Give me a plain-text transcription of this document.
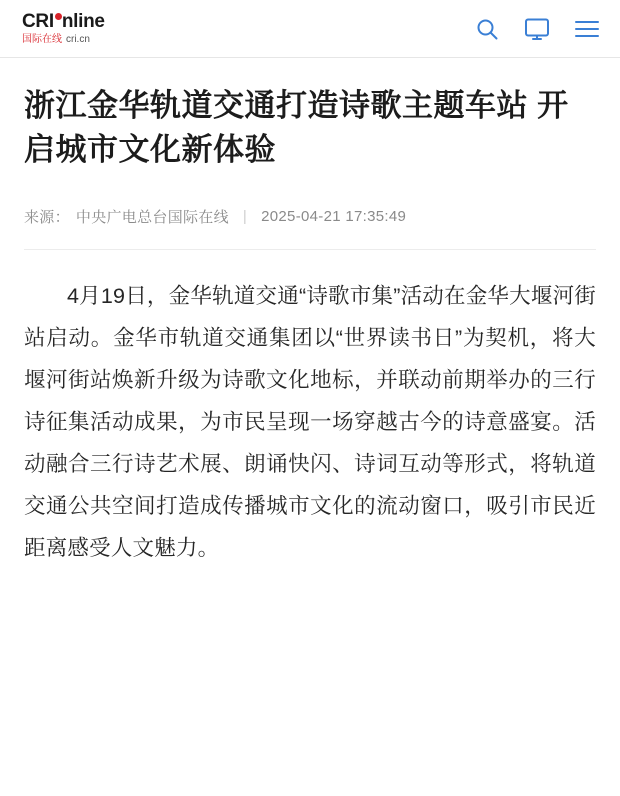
CRI nline
国际在线 cri.cn
浙江金华轨道交通打造诗歌主题车站 开启城市文化新体验
来源： 中央广电总台国际在线 | 2025-04-21 17:35:49

4月19日，金华轨道交通“诗歌市集”活动在金华大堰河街站启动。金华市轨道交通集团以“世界读书日”为契机，将大堰河街站焕新升级为诗歌文化地标，并联动前期举办的三行诗征集活动成果，为市民呈现一场穿越古今的诗意盛宴。活动融合三行诗艺术展、朗诵快闪、诗词互动等形式，将轨道交通公共空间打造成传播城市文化的流动窗口，吸引市民近距离感受人文魅力。
